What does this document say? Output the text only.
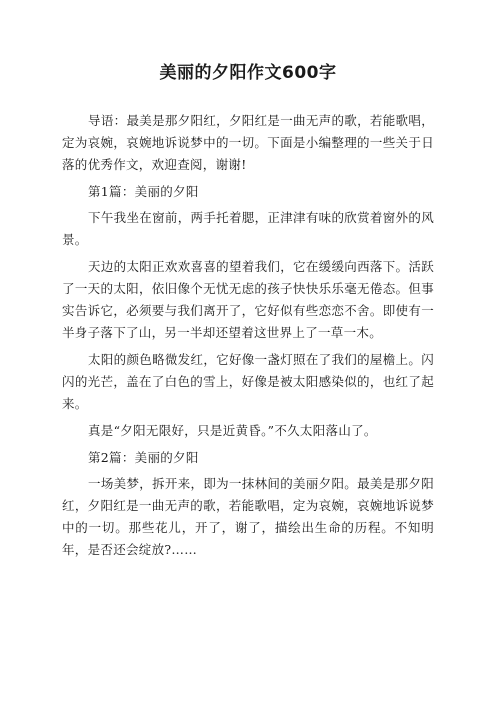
美丽的夕阳作文600字

导语：最美是那夕阳红，夕阳红是一曲无声的歌，若能歌唱，定为哀婉，哀婉地诉说梦中的一切。下面是小编整理的一些关于日落的优秀作文，欢迎查阅，谢谢!

第1篇：美丽的夕阳

下午我坐在窗前，两手托着腮，正津津有味的欣赏着窗外的风景。

天边的太阳正欢欢喜喜的望着我们，它在缓缓向西落下。活跃了一天的太阳，依旧像个无忧无虑的孩子快快乐乐毫无倦态。但事实告诉它，必须要与我们离开了，它好似有些恋恋不舍。即使有一半身子落下了山，另一半却还望着这世界上了一草一木。

太阳的颜色略微发红，它好像一盏灯照在了我们的屋檐上。闪闪的光芒，盖在了白色的雪上，好像是被太阳感染似的，也红了起来。

真是“夕阳无限好，只是近黄昏。”不久太阳落山了。

第2篇：美丽的夕阳

一场美梦，拆开来，即为一抹林间的美丽夕阳。最美是那夕阳红，夕阳红是一曲无声的歌，若能歌唱，定为哀婉，哀婉地诉说梦中的一切。那些花儿，开了，谢了，描绘出生命的历程。不知明年，是否还会绽放?……
